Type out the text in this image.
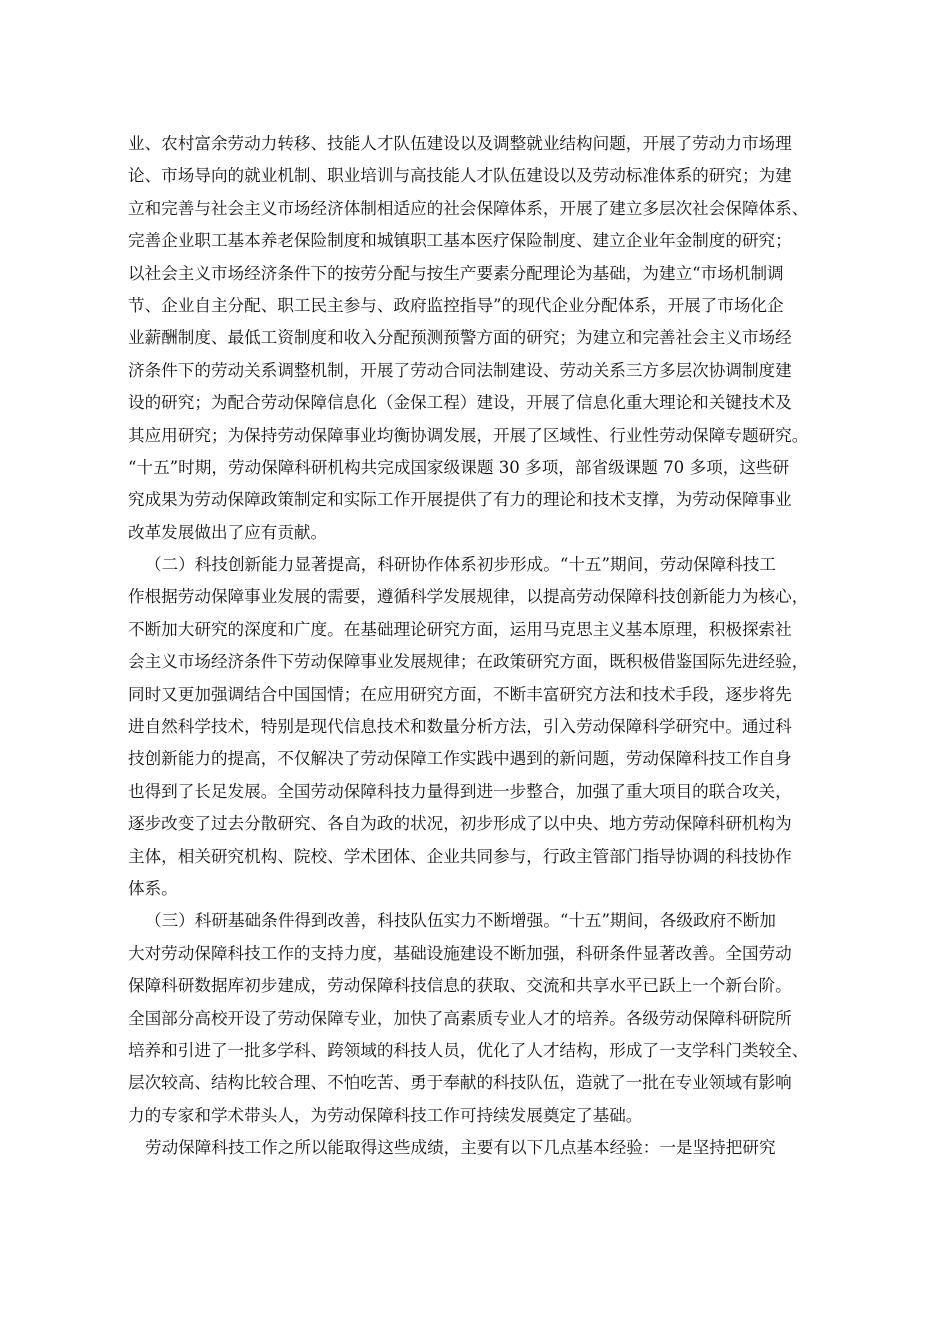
业、农村富余劳动力转移、技能人才队伍建设以及调整就业结构问题，开展了劳动力市场理
论、市场导向的就业机制、职业培训与高技能人才队伍建设以及劳动标准体系的研究；为建
立和完善与社会主义市场经济体制相适应的社会保障体系，开展了建立多层次社会保障体系、
完善企业职工基本养老保险制度和城镇职工基本医疗保险制度、建立企业年金制度的研究；
以社会主义市场经济条件下的按劳分配与按生产要素分配理论为基础，为建立“市场机制调
节、企业自主分配、职工民主参与、政府监控指导”的现代企业分配体系，开展了市场化企
业薪酬制度、最低工资制度和收入分配预测预警方面的研究；为建立和完善社会主义市场经
济条件下的劳动关系调整机制，开展了劳动合同法制建设、劳动关系三方多层次协调制度建
设的研究；为配合劳动保障信息化（金保工程）建设，开展了信息化重大理论和关键技术及
其应用研究；为保持劳动保障事业均衡协调发展，开展了区域性、行业性劳动保障专题研究。
“十五”时期，劳动保障科研机构共完成国家级课题 30 多项，部省级课题 70 多项，这些研
究成果为劳动保障政策制定和实际工作开展提供了有力的理论和技术支撑，为劳动保障事业
改革发展做出了应有贡献。
（二）科技创新能力显著提高，科研协作体系初步形成。“十五”期间，劳动保障科技工
作根据劳动保障事业发展的需要，遵循科学发展规律，以提高劳动保障科技创新能力为核心，
不断加大研究的深度和广度。在基础理论研究方面，运用马克思主义基本原理，积极探索社
会主义市场经济条件下劳动保障事业发展规律；在政策研究方面，既积极借鉴国际先进经验，
同时又更加强调结合中国国情；在应用研究方面，不断丰富研究方法和技术手段，逐步将先
进自然科学技术，特别是现代信息技术和数量分析方法，引入劳动保障科学研究中。通过科
技创新能力的提高，不仅解决了劳动保障工作实践中遇到的新问题，劳动保障科技工作自身
也得到了长足发展。全国劳动保障科技力量得到进一步整合，加强了重大项目的联合攻关，
逐步改变了过去分散研究、各自为政的状况，初步形成了以中央、地方劳动保障科研机构为
主体，相关研究机构、院校、学术团体、企业共同参与，行政主管部门指导协调的科技协作
体系。
（三）科研基础条件得到改善，科技队伍实力不断增强。“十五”期间，各级政府不断加
大对劳动保障科技工作的支持力度，基础设施建设不断加强，科研条件显著改善。全国劳动
保障科研数据库初步建成，劳动保障科技信息的获取、交流和共享水平已跃上一个新台阶。
全国部分高校开设了劳动保障专业，加快了高素质专业人才的培养。各级劳动保障科研院所
培养和引进了一批多学科、跨领域的科技人员，优化了人才结构，形成了一支学科门类较全、
层次较高、结构比较合理、不怕吃苦、勇于奉献的科技队伍，造就了一批在专业领域有影响
力的专家和学术带头人，为劳动保障科技工作可持续发展奠定了基础。
劳动保障科技工作之所以能取得这些成绩，主要有以下几点基本经验：一是坚持把研究
